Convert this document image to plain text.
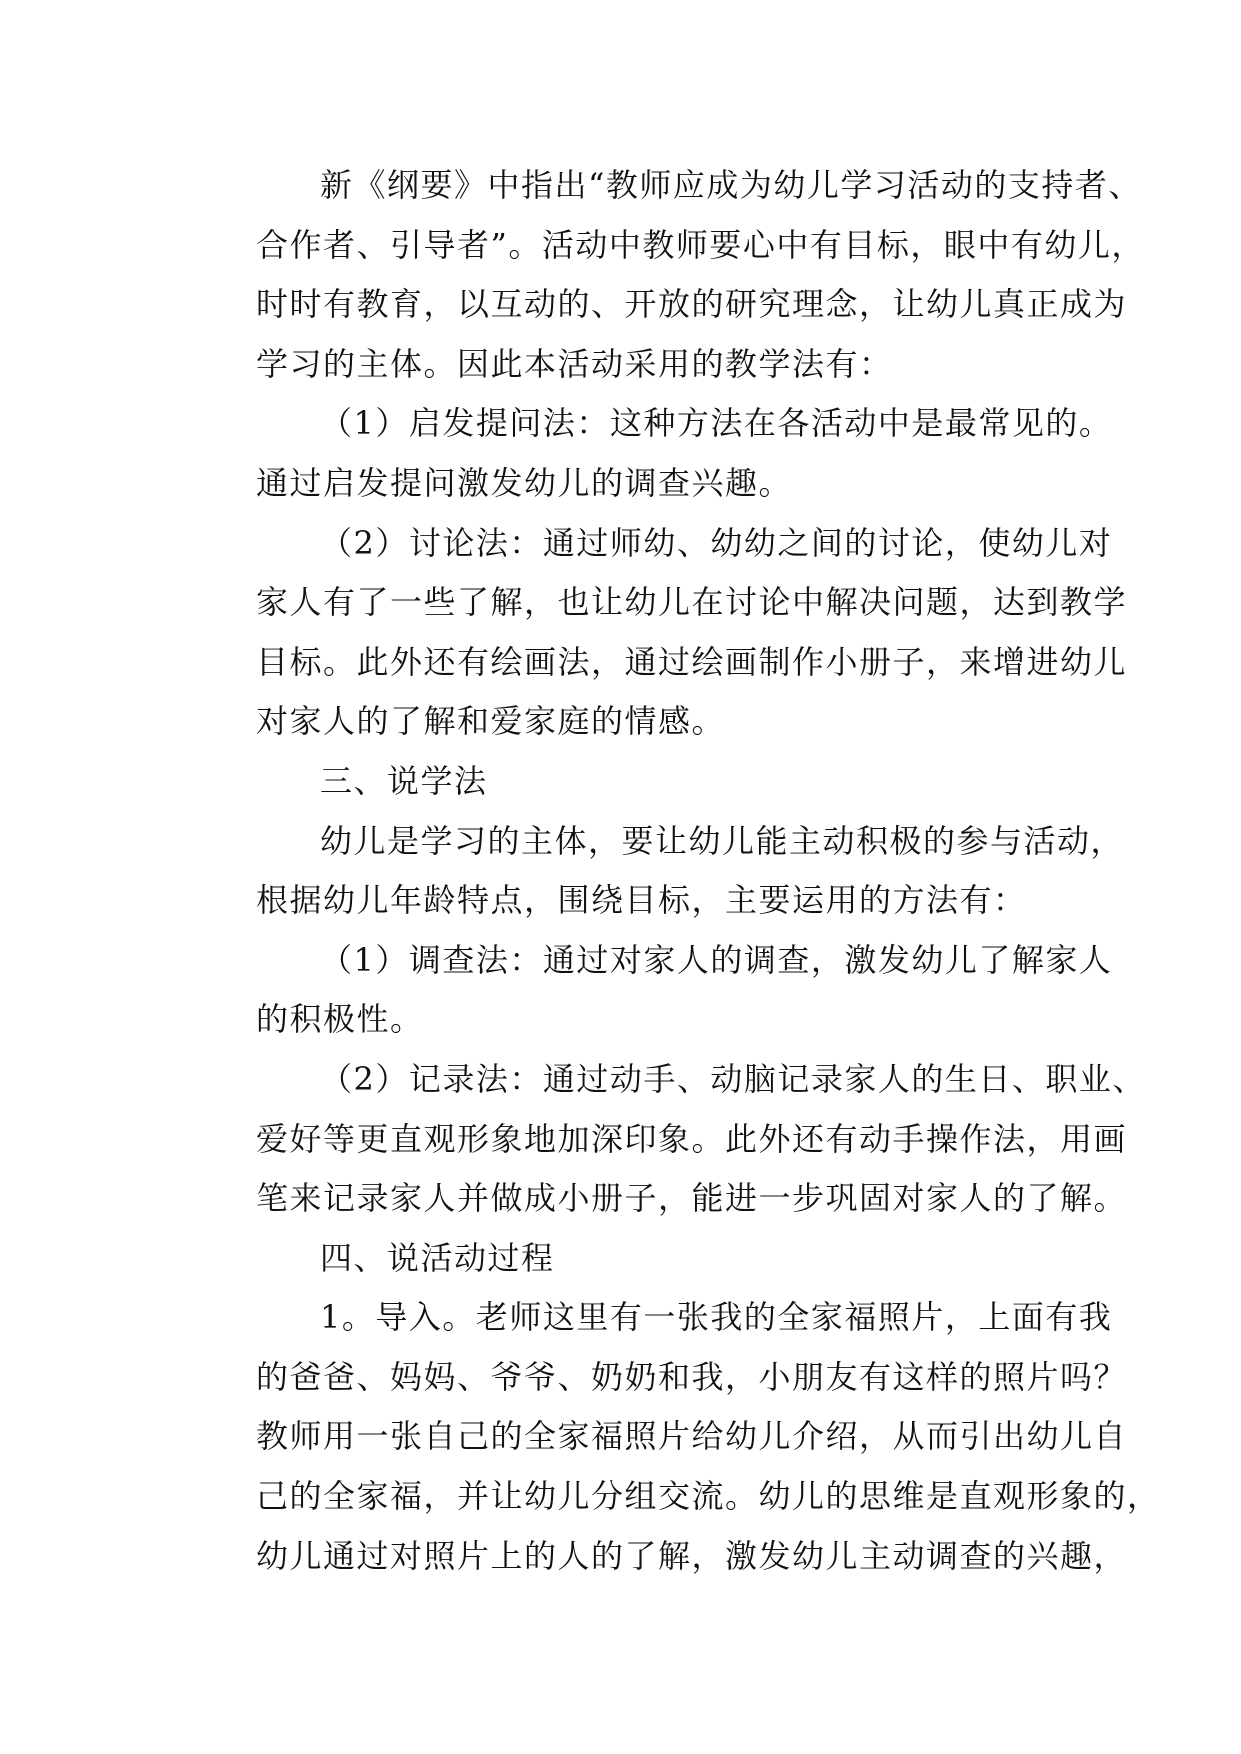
新《纲要》中指出“教师应成为幼儿学习活动的支持者、
合作者、引导者”。活动中教师要心中有目标，眼中有幼儿，
时时有教育，以互动的、开放的研究理念，让幼儿真正成为
学习的主体。因此本活动采用的教学法有：
（1）启发提问法：这种方法在各活动中是最常见的。
通过启发提问激发幼儿的调查兴趣。
（2）讨论法：通过师幼、幼幼之间的讨论，使幼儿对
家人有了一些了解，也让幼儿在讨论中解决问题，达到教学
目标。此外还有绘画法，通过绘画制作小册子，来增进幼儿
对家人的了解和爱家庭的情感。
三、说学法
幼儿是学习的主体，要让幼儿能主动积极的参与活动，
根据幼儿年龄特点，围绕目标，主要运用的方法有：
（1）调查法：通过对家人的调查，激发幼儿了解家人
的积极性。
（2）记录法：通过动手、动脑记录家人的生日、职业、
爱好等更直观形象地加深印象。此外还有动手操作法，用画
笔来记录家人并做成小册子，能进一步巩固对家人的了解。
四、说活动过程
1。导入。老师这里有一张我的全家福照片，上面有我
的爸爸、妈妈、爷爷、奶奶和我，小朋友有这样的照片吗？
教师用一张自己的全家福照片给幼儿介绍，从而引出幼儿自
己的全家福，并让幼儿分组交流。幼儿的思维是直观形象的，
幼儿通过对照片上的人的了解，激发幼儿主动调查的兴趣，
